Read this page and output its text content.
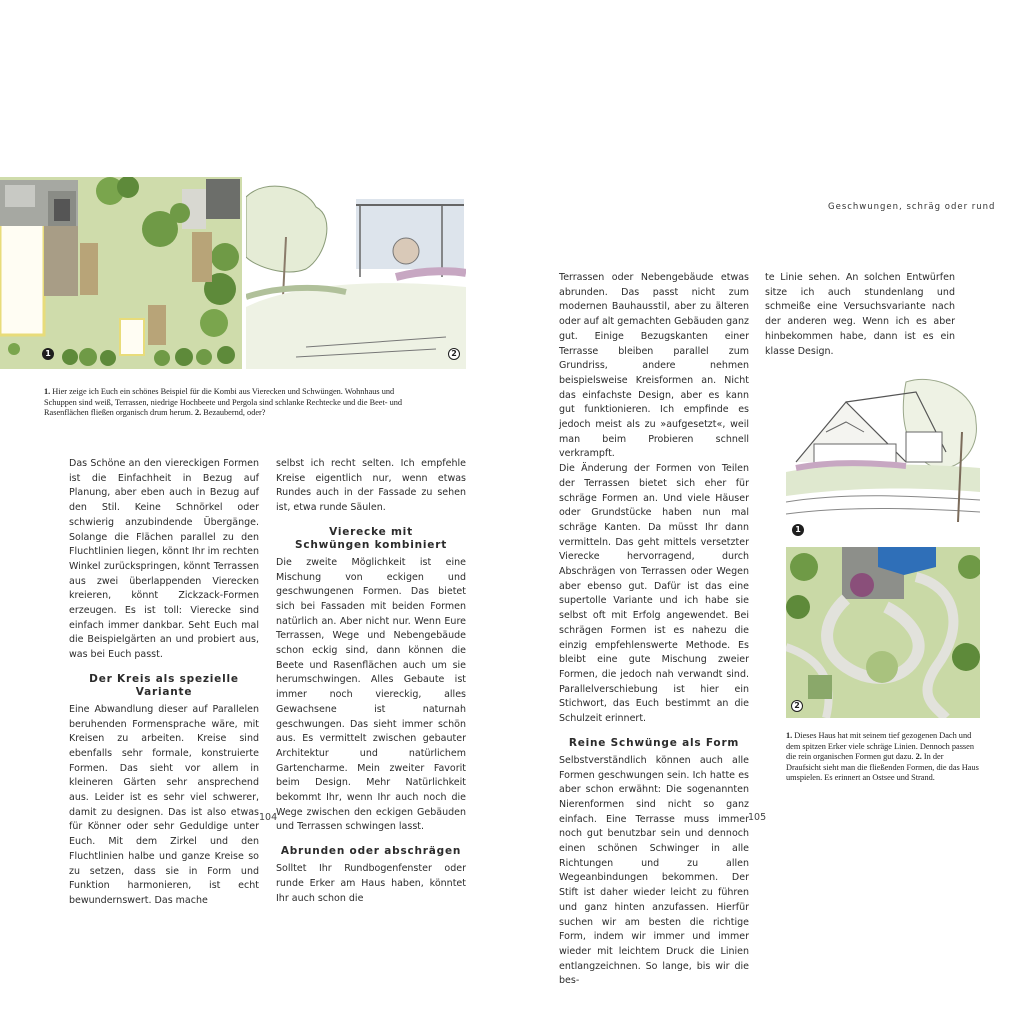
Geschwungen, schräg oder rund
1	2
1. Hier zeige ich Euch ein schönes Beispiel für die Kombi aus Vierecken und Schwüngen. Wohnhaus und Schuppen sind weiß, Terrassen, niedrige Hochbeete und Pergola sind schlanke Rechtecke und die Beet- und Rasenflächen fließen organisch drum herum. 2. Bezaubernd, oder?

Das Schöne an den viereckigen Formen ist die Einfachheit in Bezug auf Planung, aber eben auch in Bezug auf den Stil. Keine Schnörkel oder schwierig anzubindende Übergänge. Solange die Flächen parallel zu den Fluchtlinien liegen, könnt Ihr im rechten Winkel zurückspringen, könnt Terrassen aus zwei überlappenden Vierecken kreieren, könnt Zickzack-Formen erzeugen. Es ist toll: Vierecke sind einfach immer dankbar. Seht Euch mal die Beispielgärten an und probiert aus, was bei Euch passt.

Der Kreis als spezielle Variante

Eine Abwandlung dieser auf Parallelen beruhenden Formensprache wäre, mit Kreisen zu arbeiten. Kreise sind ebenfalls sehr formale, konstruierte Formen. Das sieht vor allem in kleineren Gärten sehr ansprechend aus. Leider ist es sehr viel schwerer, damit zu designen. Das ist also etwas für Könner oder sehr Geduldige unter Euch. Mit dem Zirkel und den Fluchtlinien halbe und ganze Kreise so zu setzen, dass sie in Form und Funktion harmonieren, ist echt bewundernswert. Das mache

selbst ich recht selten. Ich empfehle Kreise eigentlich nur, wenn etwas Rundes auch in der Fassade zu sehen ist, etwa runde Säulen.

Vierecke mit
Schwüngen kombiniert

Die zweite Möglichkeit ist eine Mischung von eckigen und geschwungenen Formen. Das bietet sich bei Fassaden mit beiden Formen natürlich an. Aber nicht nur. Wenn Eure Terrassen, Wege und Nebengebäude schon eckig sind, dann können die Beete und Rasenflächen auch um sie herumschwingen. Alles Gebaute ist immer noch viereckig, alles Gewachsene ist naturnah geschwungen. Das sieht immer schön aus. Es vermittelt zwischen gebauter Architektur und natürlichem Gartencharme. Mein zweiter Favorit beim Design. Mehr Natürlichkeit bekommt Ihr, wenn Ihr auch noch die Wege zwischen den eckigen Gebäuden und Terrassen schwingen lasst.

Abrunden oder abschrägen

Solltet Ihr Rundbogenfenster oder runde Erker am Haus haben, könntet Ihr auch schon die

104	105

Terrassen oder Nebengebäude etwas abrunden. Das passt nicht zum modernen Bauhausstil, aber zu älteren oder auf alt gemachten Gebäuden ganz gut. Einige Bezugskanten einer Terrasse bleiben parallel zum Grundriss, andere nehmen beispielsweise Kreisformen an. Nicht das einfachste Design, aber es kann gut funktionieren. Ich empfinde es jedoch meist als zu »aufgesetzt«, weil man beim Probieren schnell verkrampft.

Die Änderung der Formen von Teilen der Terrassen bietet sich eher für schräge Formen an. Und viele Häuser oder Grundstücke haben nun mal schräge Kanten. Da müsst Ihr dann vermitteln. Das geht mittels versetzter Vierecke hervorragend, durch Abschrägen von Terrassen oder Wegen aber ebenso gut. Dafür ist das eine supertolle Variante und ich habe sie selbst oft mit Erfolg angewendet. Bei schrägen Formen ist es nahezu die einzig empfehlenswerte Methode. Es bleibt eine gute Mischung zweier Formen, die jedoch nah verwandt sind. Parallelverschiebung ist hier ein Stichwort, das Euch bestimmt an die Schulzeit erinnert.

Reine Schwünge als Form

Selbstverständlich können auch alle Formen geschwungen sein. Ich hatte es aber schon erwähnt: Die sogenannten Nierenformen sind nicht so ganz einfach. Eine Terrasse muss immer noch gut benutzbar sein und dennoch einen schönen Schwinger in alle Richtungen und zu allen Wegeanbindungen bekommen. Der Stift ist daher wieder leicht zu führen und ganz hinten anzufassen. Hierfür suchen wir am besten die richtige Form, indem wir immer und immer wieder mit leichtem Druck die Linien entlangzeichnen. So lange, bis wir die bes-

te Linie sehen. An solchen Entwürfen sitze ich auch stundenlang und schmeiße eine Versuchsvariante nach der anderen weg. Wenn ich es aber hinbekommen habe, dann ist es ein klasse Design.

1
2
1. Dieses Haus hat mit seinem tief gezogenen Dach und dem spitzen Erker viele schräge Linien. Dennoch passen die rein organischen Formen gut dazu. 2. In der Draufsicht sieht man die fließenden Formen, die das Haus umspielen. Es erinnert an Ostsee und Strand.
